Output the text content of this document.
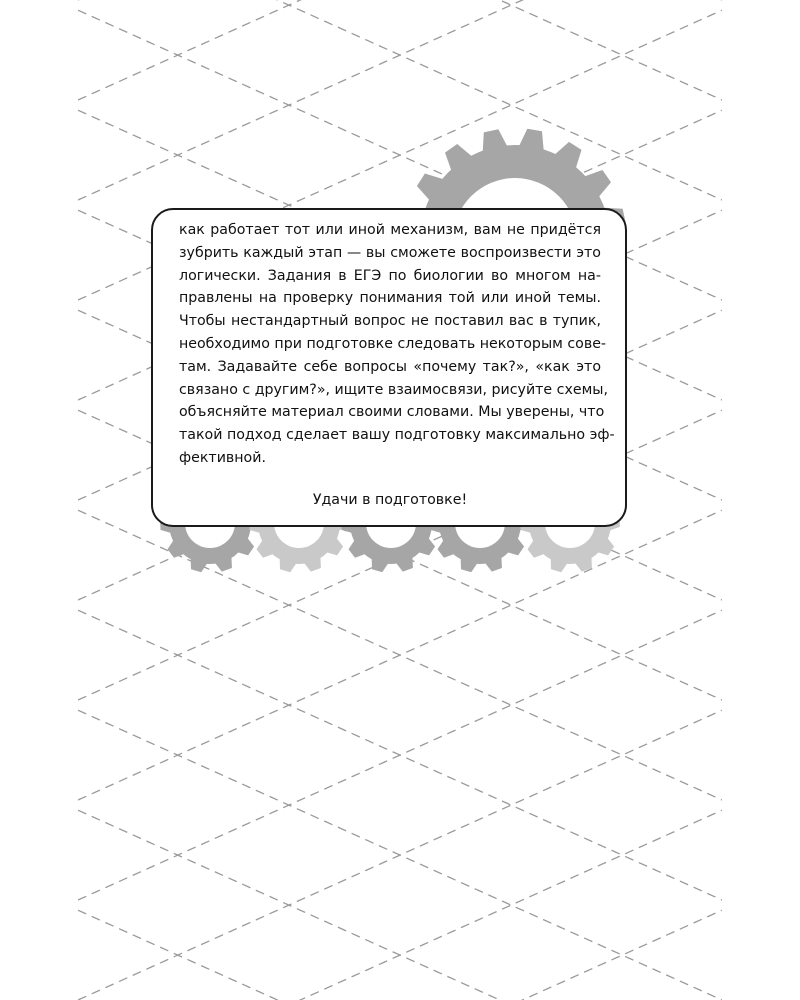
как работает тот или иной механизм, вам не придётся
зубрить каждый этап — вы сможете воспроизвести это
логически. Задания в ЕГЭ по биологии во многом на-
правлены на проверку понимания той или иной темы.
Чтобы нестандартный вопрос не поставил вас в тупик,
необходимо при подготовке следовать некоторым сове-
там. Задавайте себе вопросы «почему так?», «как это
связано с другим?», ищите взаимосвязи, рисуйте схемы,
объясняйте материал своими словами. Мы уверены, что
такой подход сделает вашу подготовку максимально эф-
фективной.
Удачи в подготовке!
